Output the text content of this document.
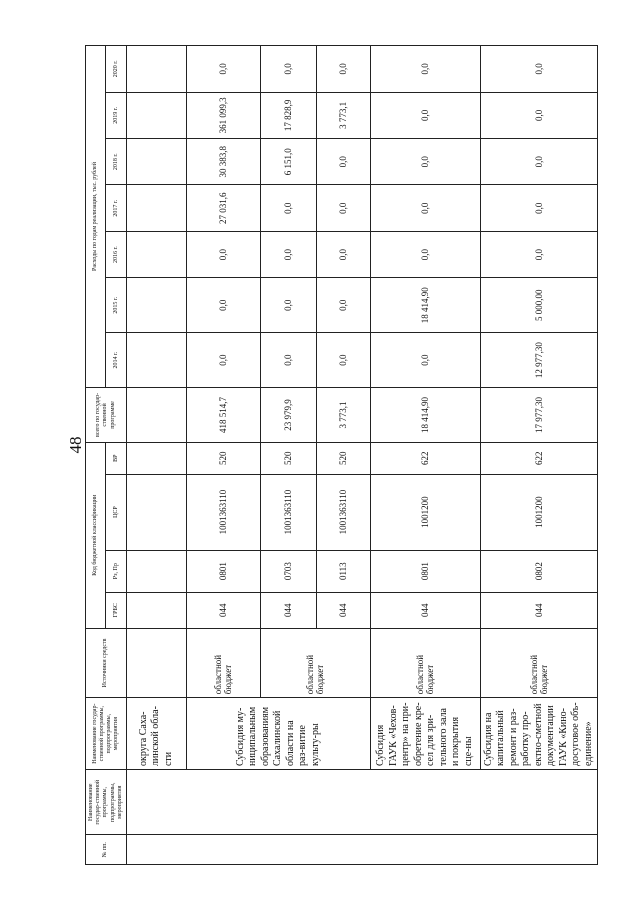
48
№ пп.	Наименование государ-ственной программы, подпрограммы, мероприятия	Наименование государ-ственной программы, подпрограммы, мероприятия	Источники средств	Код бюджетной классификации				всего по государ-ственной программе	Расходы по годам реализации, тыс. рублей						
				ГРБС	Рз, Пр	ЦСР	ВР		2014 г.	2015 г.	2016 г.	2017 г.	2018 г.	2019 г.	2020 г.
		округа Саха-линской обла-сти													
		Субсидия му-ниципальным образованиям Сахалинской области на раз-витие культу-ры	областной бюджет	044	0801	1001363110	520	418 514,7	0,0	0,0	0,0	27 031,6	30 383,8	361 099,3	0,0
			областной бюджет	044	0703	1001363110	520	23 979,9	0,0	0,0	0,0	0,0	6 151,0	17 828,9	0,0
				044	0113	1001363110	520	3 773,1	0,0	0,0	0,0	0,0	0,0	3 773,1	0,0
		Субсидия ГАУК «Чехов-центр» на при-обретение кре-сел для зри-тельного зала и покрытия сце-ны	областной бюджет	044	0801	1001200	622	18 414,90	0,0	18 414,90	0,0	0,0	0,0	0,0	0,0
		Субсидия на капитальный ремонт и раз-работку про-ектно-сметной документации ГАУК «Кино-досуговое объ-единение»	областной бюджет	044	0802	1001200	622	17 977,30	12 977,30	5 000,00	0,0	0,0	0,0	0,0	0,0
